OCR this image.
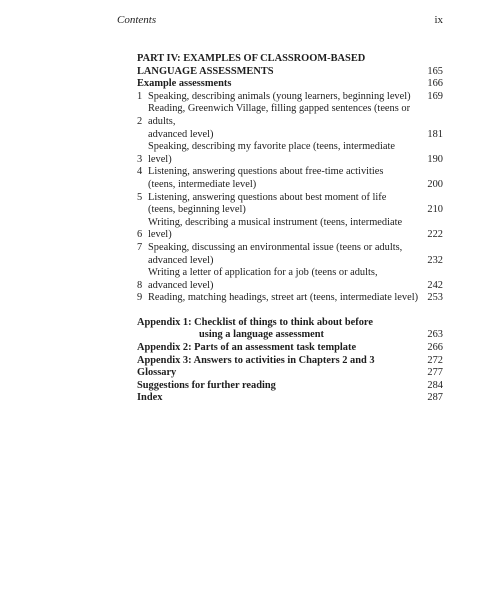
Contents	ix
PART IV: EXAMPLES OF CLASSROOM-BASED
LANGUAGE ASSESSMENTS	165
Example assessments	166
1 Speaking, describing animals (young learners, beginning level)	169
2
Reading, Greenwich Village, filling gapped sentences (teens or adults,
advanced level)	181
3
Speaking, describing my favorite place (teens, intermediate level)	190
4 Listening, answering questions about free-time activities
(teens, intermediate level)	200
5 Listening, answering questions about best moment of life
(teens, beginning level)	210
6
Writing, describing a musical instrument (teens, intermediate level)	222
7 Speaking, discussing an environmental issue (teens or adults,
advanced level)	232
8
Writing a letter of application for a job (teens or adults, advanced level)	242
9 Reading, matching headings, street art (teens, intermediate level) 253
Appendix 1: Checklist of things to think about before
using a language assessment	263
Appendix 2: Parts of an assessment task template	266
Appendix 3: Answers to activities in Chapters 2 and 3	272
Glossary	277
Suggestions for further reading	284
Index	287
